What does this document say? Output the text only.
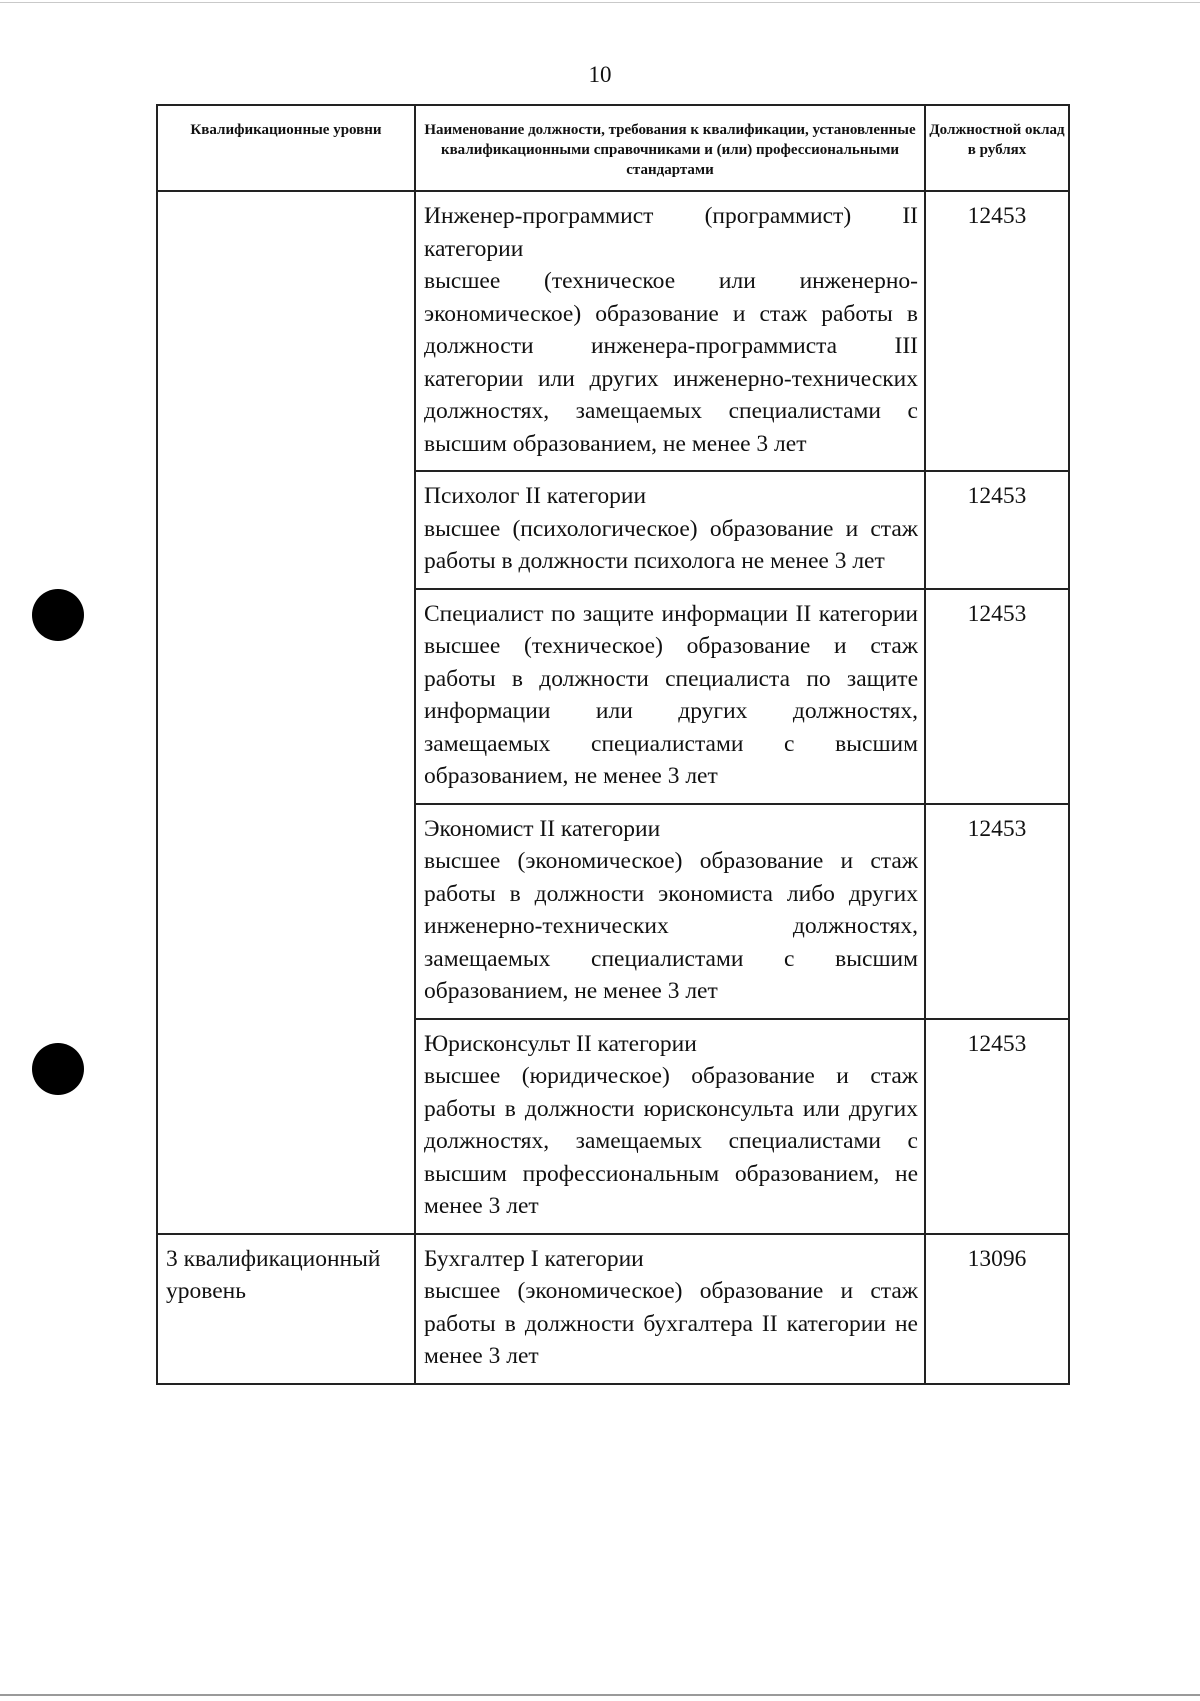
10
Квалификационные уровни	Наименование должности, требования к квалификации, установленные квалификационными справочниками и (или) профессиональными стандартами	Должностной оклад в рублях

	Инженер-программист (программист) II категории
высшее (техническое или инженерно-экономическое) образование и стаж работы в должности инженера-программиста III категории или других инженерно-технических должностях, замещаемых специалистами с высшим образованием, не менее 3 лет	12453

	Психолог II категории
высшее (психологическое) образование и стаж работы в должности психолога не менее 3 лет	12453

	Специалист по защите информации II категории
высшее (техническое) образование и стаж работы в должности специалиста по защите информации или других должностях, замещаемых специалистами с высшим образованием, не менее 3 лет	12453

	Экономист II категории
высшее (экономическое) образование и стаж работы в должности экономиста либо других инженерно-технических должностях, замещаемых специалистами с высшим образованием, не менее 3 лет	12453

	Юрисконсульт II категории
высшее (юридическое) образование и стаж работы в должности юрисконсульта или других должностях, замещаемых специалистами с высшим профессиональным образованием, не менее 3 лет	12453
3 квалификационный уровень	Бухгалтер I категории
высшее (экономическое) образование и стаж работы в должности бухгалтера II категории не менее 3 лет	13096
